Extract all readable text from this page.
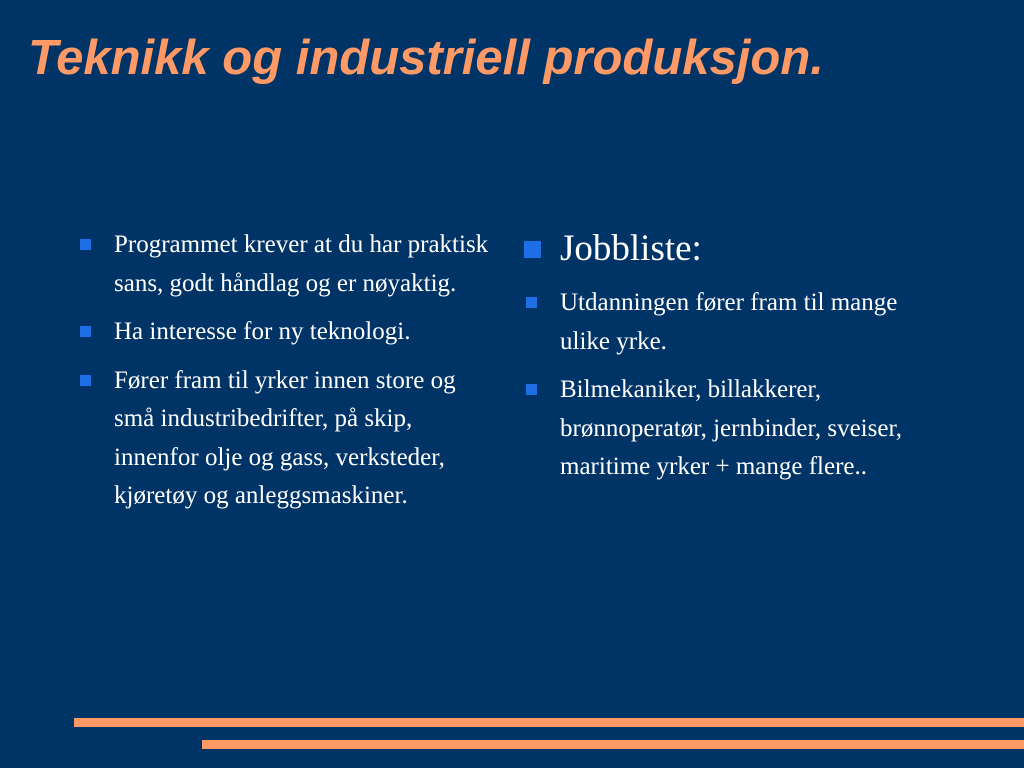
Teknikk og industriell produksjon.
Programmet krever at du har praktisk sans, godt håndlag og er nøyaktig.
Ha interesse for ny teknologi.
Fører fram til yrker innen store og små industribedrifter, på skip, innenfor olje og gass, verksteder, kjøretøy og anleggsmaskiner.
Jobbliste:
Utdanningen fører fram til mange ulike yrke.
Bilmekaniker, billakkerer, brønnoperatør, jernbinder, sveiser, maritime yrker + mange flere..
